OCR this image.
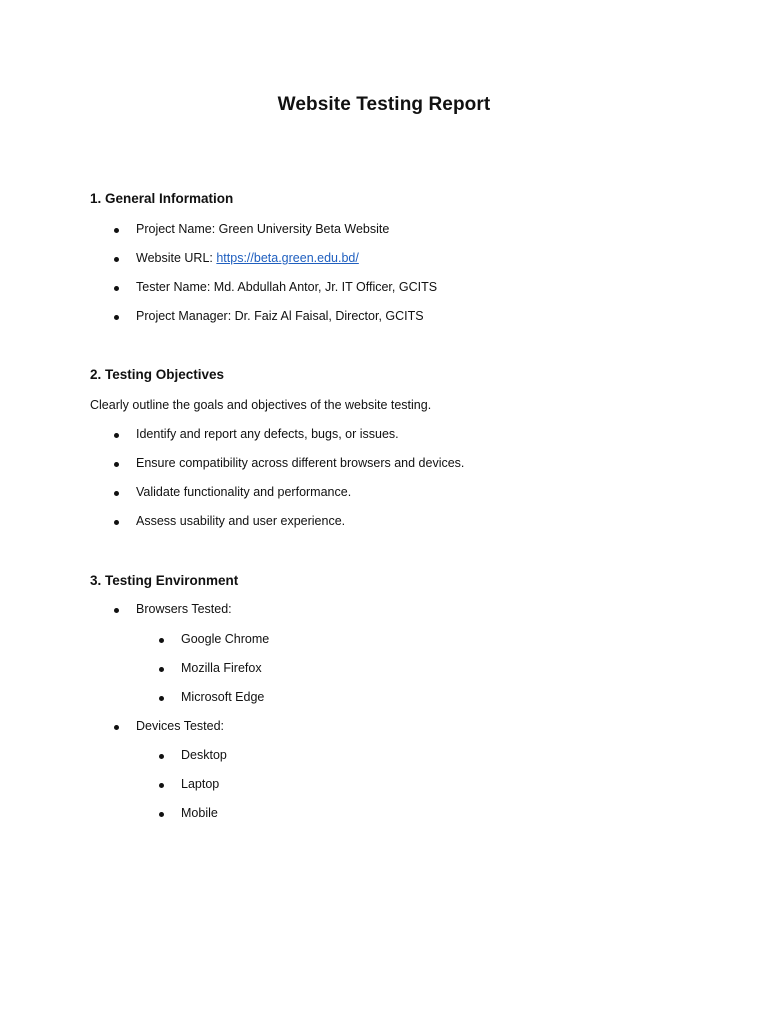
Website Testing Report
1. General Information
Project Name: Green University Beta Website
Website URL: https://beta.green.edu.bd/
Tester Name: Md. Abdullah Antor, Jr. IT Officer, GCITS
Project Manager: Dr. Faiz Al Faisal, Director, GCITS
2. Testing Objectives
Clearly outline the goals and objectives of the website testing.
Identify and report any defects, bugs, or issues.
Ensure compatibility across different browsers and devices.
Validate functionality and performance.
Assess usability and user experience.
3. Testing Environment
Browsers Tested:
Google Chrome
Mozilla Firefox
Microsoft Edge
Devices Tested:
Desktop
Laptop
Mobile
